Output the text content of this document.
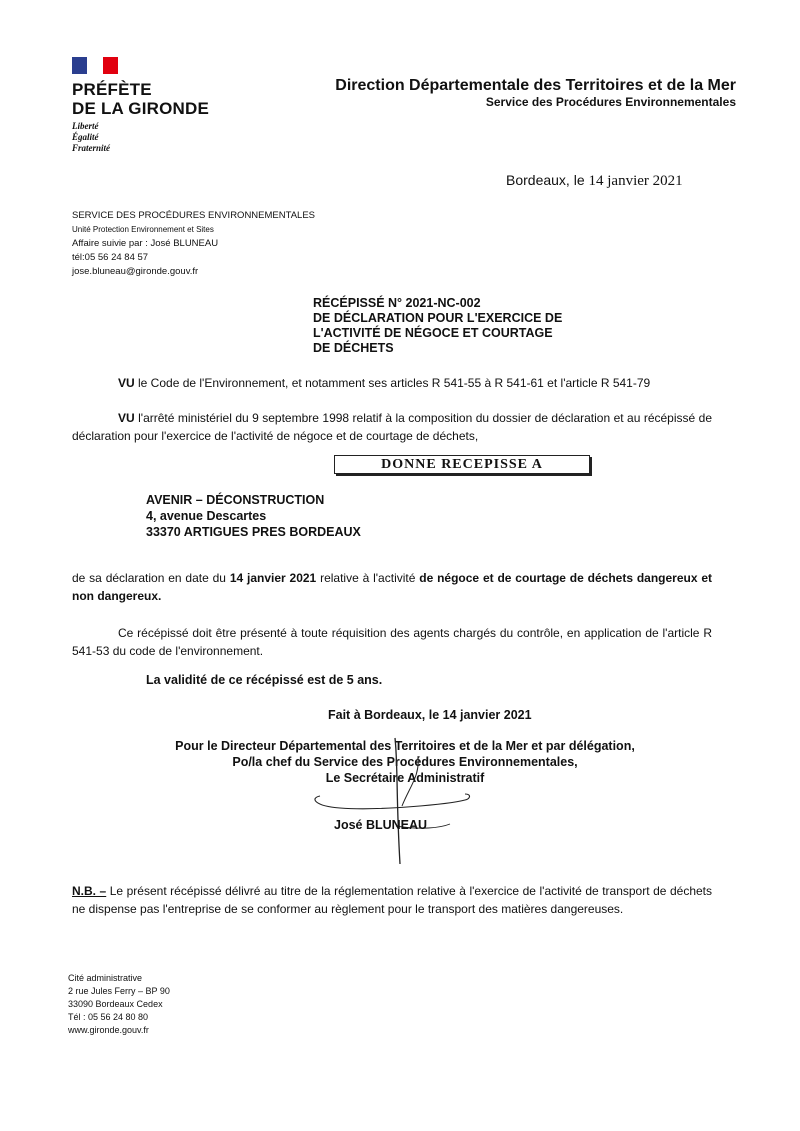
PRÉFÈTE
DE LA GIRONDE
Liberté
Égalité
Fraternité
Direction Départementale des Territoires et de la Mer
Service des Procédures Environnementales
Bordeaux, le 14 janvier 2021
SERVICE DES PROCÉDURES ENVIRONNEMENTALES
Unité Protection Environnement et Sites
Affaire suivie par : José BLUNEAU
tél:05 56 24 84 57
jose.bluneau@gironde.gouv.fr
RÉCÉPISSÉ N° 2021-NC-002
DE DÉCLARATION POUR L'EXERCICE DE
L'ACTIVITÉ DE NÉGOCE ET COURTAGE
DE DÉCHETS
VU le Code de l'Environnement, et notamment ses articles R 541-55 à R 541-61 et l'article R 541-79
VU l'arrêté ministériel du 9 septembre 1998 relatif à la composition du dossier de déclaration et au récépissé de déclaration pour l'exercice de l'activité de négoce et de courtage de déchets,
DONNE RECEPISSE A
AVENIR – DÉCONSTRUCTION
4, avenue Descartes
33370 ARTIGUES PRES BORDEAUX
de sa déclaration en date du 14 janvier 2021 relative à l'activité de négoce et de courtage de déchets dangereux et non dangereux.
Ce récépissé doit être présenté à toute réquisition des agents chargés du contrôle, en application de l'article R 541-53 du code de l'environnement.
La validité de ce récépissé est de 5 ans.
Fait à Bordeaux, le 14 janvier 2021
Pour le Directeur Départemental des Territoires et de la Mer et par délégation,
Po/la chef du Service des Procédures Environnementales,
Le Secrétaire Administratif
José BLUNEAU
N.B. – Le présent récépissé délivré au titre de la réglementation relative à l'exercice de l'activité de transport de déchets ne dispense pas l'entreprise de se conformer au règlement pour le transport des matières dangereuses.
Cité administrative
2 rue Jules Ferry – BP 90
33090 Bordeaux Cedex
Tél : 05 56 24 80 80
www.gironde.gouv.fr
